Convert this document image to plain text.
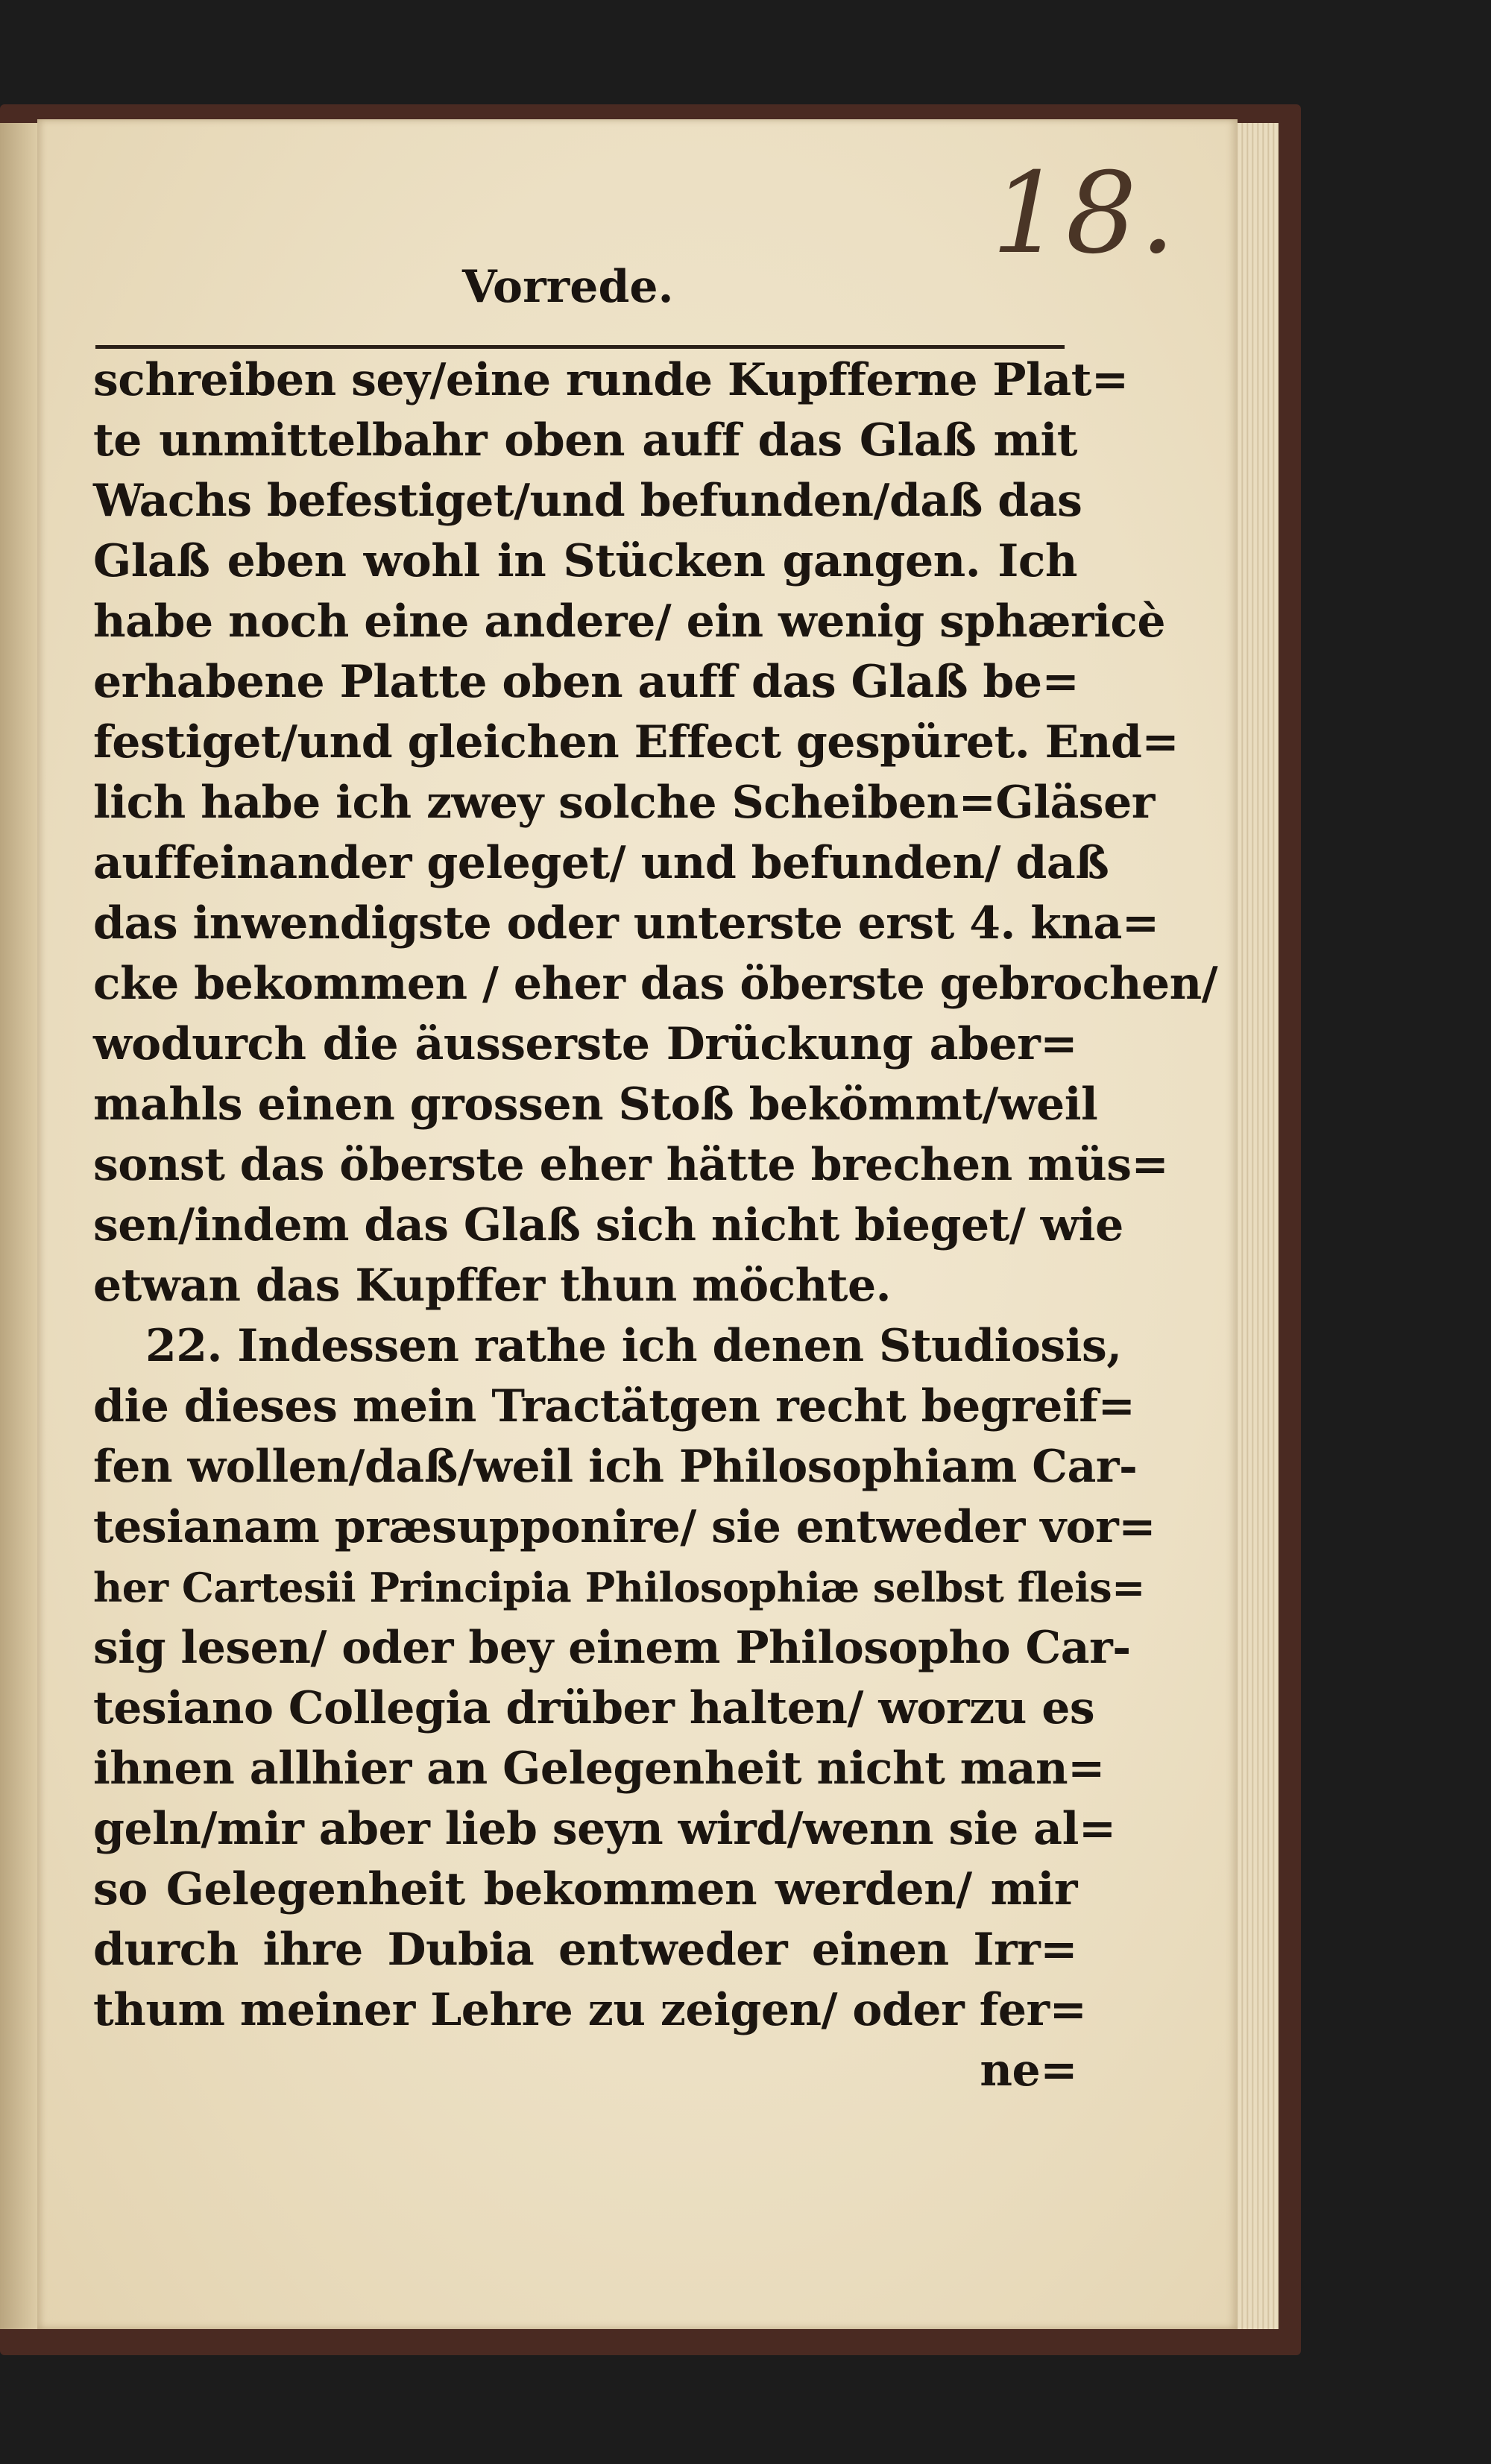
18.
Vorrede.
schreiben sey/eine runde Kupfferne Plat=
te unmittelbahr oben auff das Glaß mit
Wachs befestiget/und befunden/daß das
Glaß eben wohl in Stücken gangen. Ich
habe noch eine andere/ ein wenig sphæricè
erhabene Platte oben auff das Glaß be=
festiget/und gleichen Effect gespüret. End=
lich habe ich zwey solche Scheiben=Gläser
auffeinander geleget/ und befunden/ daß
das inwendigste oder unterste erst 4. kna=
cke bekommen / eher das öberste gebrochen/
wodurch die äusserste Drückung aber=
mahls einen grossen Stoß bekömmt/weil
sonst das öberste eher hätte brechen müs=
sen/indem das Glaß sich nicht bieget/ wie
etwan das Kupffer thun möchte.
22. Indessen rathe ich denen Studiosis,
die dieses mein Tractätgen recht begreif=
fen wollen/daß/weil ich Philosophiam Car-
tesianam præsupponire/ sie entweder vor=
her Cartesii Principia Philosophiæ selbst fleis=
sig lesen/ oder bey einem Philosopho Car-
tesiano Collegia drüber halten/ worzu es
ihnen allhier an Gelegenheit nicht man=
geln/mir aber lieb seyn wird/wenn sie al=
so Gelegenheit bekommen werden/ mir
durch ihre Dubia entweder einen Irr=
thum meiner Lehre zu zeigen/ oder fer=
ne=
